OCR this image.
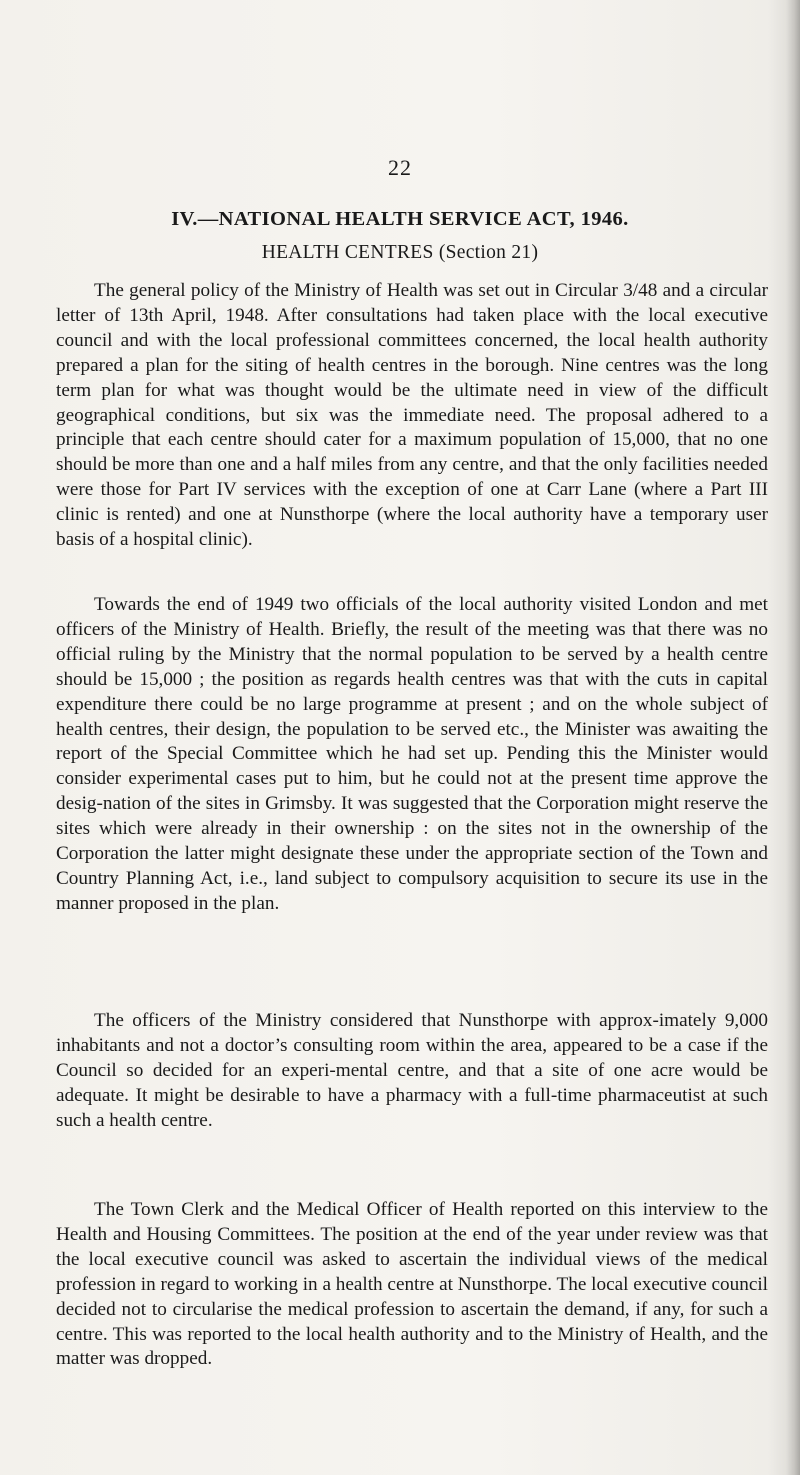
22
IV.—NATIONAL HEALTH SERVICE ACT, 1946.
HEALTH CENTRES (Section 21)

The general policy of the Ministry of Health was set out in Circular 3/48 and a circular letter of 13th April, 1948. After consultations had taken place with the local executive council and with the local professional committees concerned, the local health authority prepared a plan for the siting of health centres in the borough. Nine centres was the long term plan for what was thought would be the ultimate need in view of the difficult geographical conditions, but six was the immediate need. The proposal adhered to a principle that each centre should cater for a maximum population of 15,000, that no one should be more than one and a half miles from any centre, and that the only facilities needed were those for Part IV services with the exception of one at Carr Lane (where a Part III clinic is rented) and one at Nunsthorpe (where the local authority have a temporary user basis of a hospital clinic).

Towards the end of 1949 two officials of the local authority visited London and met officers of the Ministry of Health. Briefly, the result of the meeting was that there was no official ruling by the Ministry that the normal population to be served by a health centre should be 15,000 ; the position as regards health centres was that with the cuts in capital expenditure there could be no large programme at present ; and on the whole subject of health centres, their design, the population to be served etc., the Minister was awaiting the report of the Special Committee which he had set up. Pending this the Minister would consider experimental cases put to him, but he could not at the present time approve the desig-nation of the sites in Grimsby. It was suggested that the Corporation might reserve the sites which were already in their ownership : on the sites not in the ownership of the Corporation the latter might designate these under the appropriate section of the Town and Country Planning Act, i.e., land subject to compulsory acquisition to secure its use in the manner proposed in the plan.

The officers of the Ministry considered that Nunsthorpe with approx-imately 9,000 inhabitants and not a doctor’s consulting room within the area, appeared to be a case if the Council so decided for an experi-mental centre, and that a site of one acre would be adequate. It might be desirable to have a pharmacy with a full-time pharmaceutist at such such a health centre.

The Town Clerk and the Medical Officer of Health reported on this interview to the Health and Housing Committees. The position at the end of the year under review was that the local executive council was asked to ascertain the individual views of the medical profession in regard to working in a health centre at Nunsthorpe. The local executive council decided not to circularise the medical profession to ascertain the demand, if any, for such a centre. This was reported to the local health authority and to the Ministry of Health, and the matter was dropped.
